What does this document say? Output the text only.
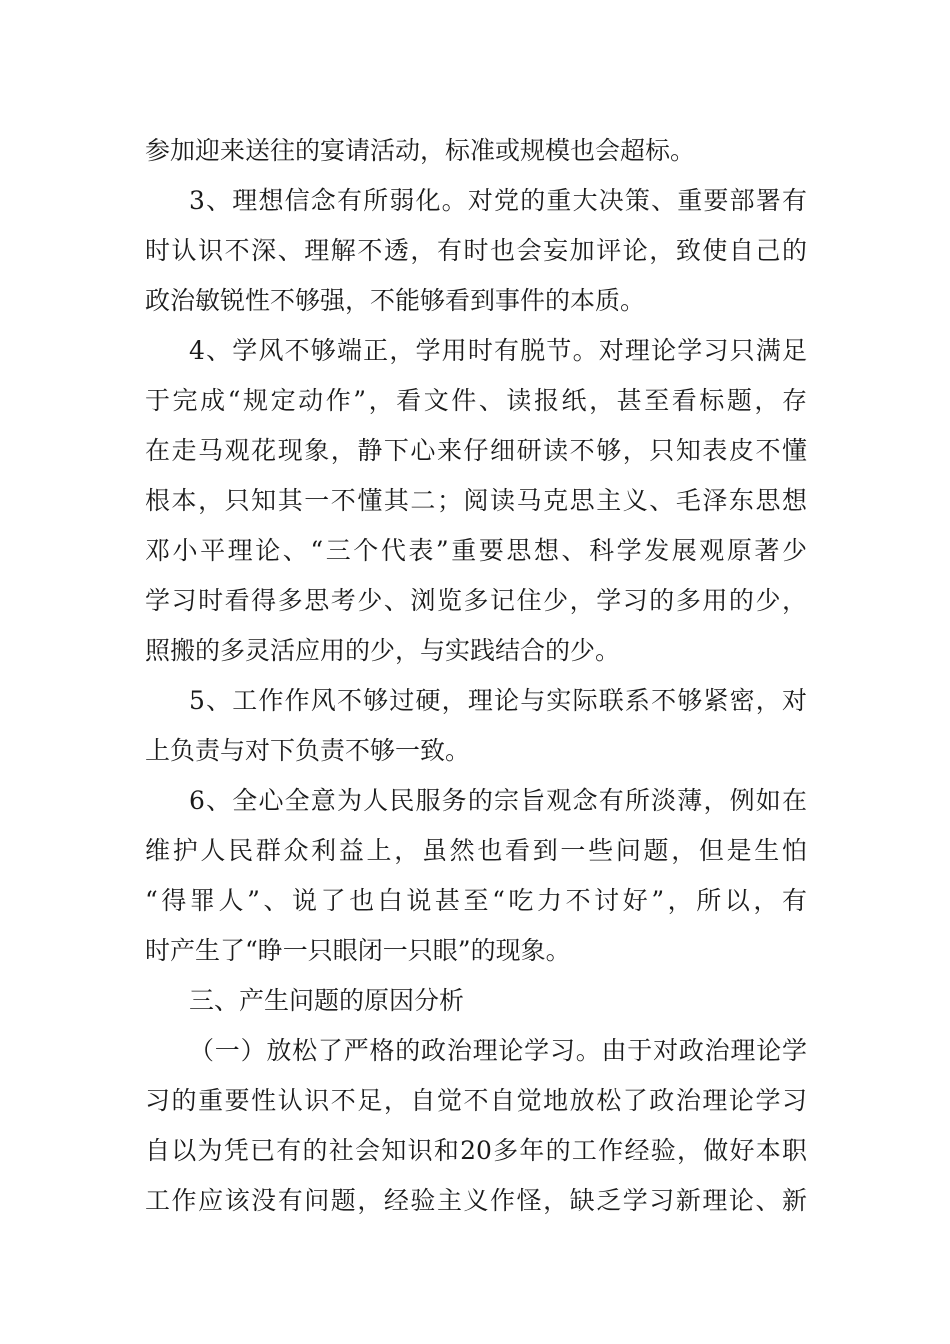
参加迎来送往的宴请活动，标准或规模也会超标。
3、理想信念有所弱化。对党的重大决策、重要部署有
时认识不深、理解不透，有时也会妄加评论，致使自己的
政治敏锐性不够强，不能够看到事件的本质。
4、学风不够端正，学用时有脱节。对理论学习只满足
于完成“规定动作”，看文件、读报纸，甚至看标题，存
在走马观花现象，静下心来仔细研读不够，只知表皮不懂
根本，只知其一不懂其二；阅读马克思主义、毛泽东思想
邓小平理论、“三个代表”重要思想、科学发展观原著少
学习时看得多思考少、浏览多记住少，学习的多用的少，
照搬的多灵活应用的少，与实践结合的少。
5、工作作风不够过硬，理论与实际联系不够紧密，对
上负责与对下负责不够一致。
6、全心全意为人民服务的宗旨观念有所淡薄，例如在
维护人民群众利益上，虽然也看到一些问题，但是生怕
“得罪人”、说了也白说甚至“吃力不讨好”，所以，有
时产生了“睁一只眼闭一只眼”的现象。
三、产生问题的原因分析
（一）放松了严格的政治理论学习。由于对政治理论学
习的重要性认识不足，自觉不自觉地放松了政治理论学习
自以为凭已有的社会知识和20多年的工作经验，做好本职
工作应该没有问题，经验主义作怪，缺乏学习新理论、新
